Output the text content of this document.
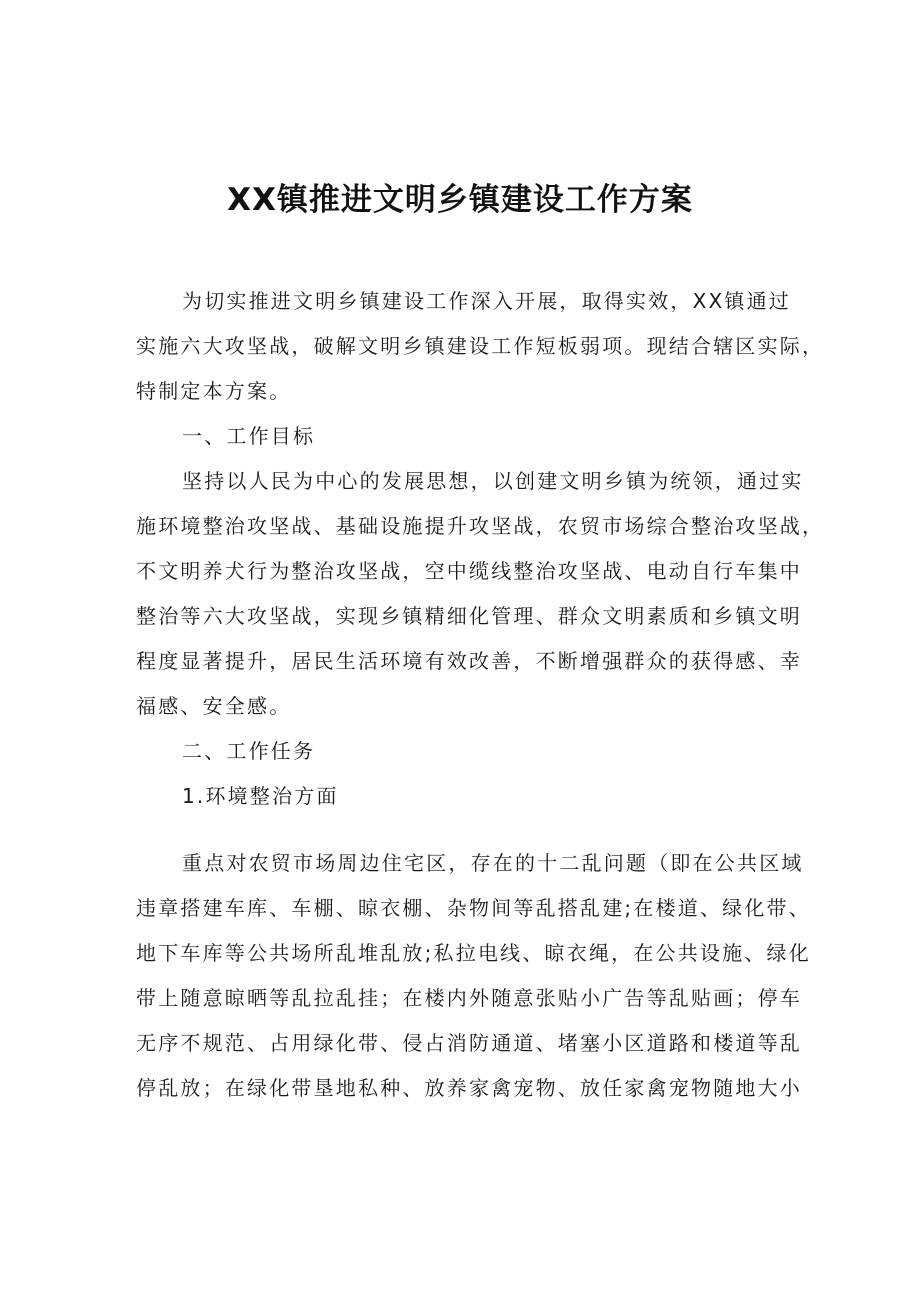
XX镇推进文明乡镇建设工作方案
为切实推进文明乡镇建设工作深入开展，取得实效，XX镇通过
实施六大攻坚战，破解文明乡镇建设工作短板弱项。现结合辖区实际，
特制定本方案。
一、工作目标
坚持以人民为中心的发展思想，以创建文明乡镇为统领，通过实
施环境整治攻坚战、基础设施提升攻坚战，农贸市场综合整治攻坚战，
不文明养犬行为整治攻坚战，空中缆线整治攻坚战、电动自行车集中
整治等六大攻坚战，实现乡镇精细化管理、群众文明素质和乡镇文明
程度显著提升，居民生活环境有效改善，不断增强群众的获得感、幸
福感、安全感。
二、工作任务
1.环境整治方面
重点对农贸市场周边住宅区，存在的十二乱问题（即在公共区域
违章搭建车库、车棚、晾衣棚、杂物间等乱搭乱建;在楼道、绿化带、
地下车库等公共场所乱堆乱放;私拉电线、晾衣绳，在公共设施、绿化
带上随意晾晒等乱拉乱挂；在楼内外随意张贴小广告等乱贴画；停车
无序不规范、占用绿化带、侵占消防通道、堵塞小区道路和楼道等乱
停乱放；在绿化带垦地私种、放养家禽宠物、放任家禽宠物随地大小
